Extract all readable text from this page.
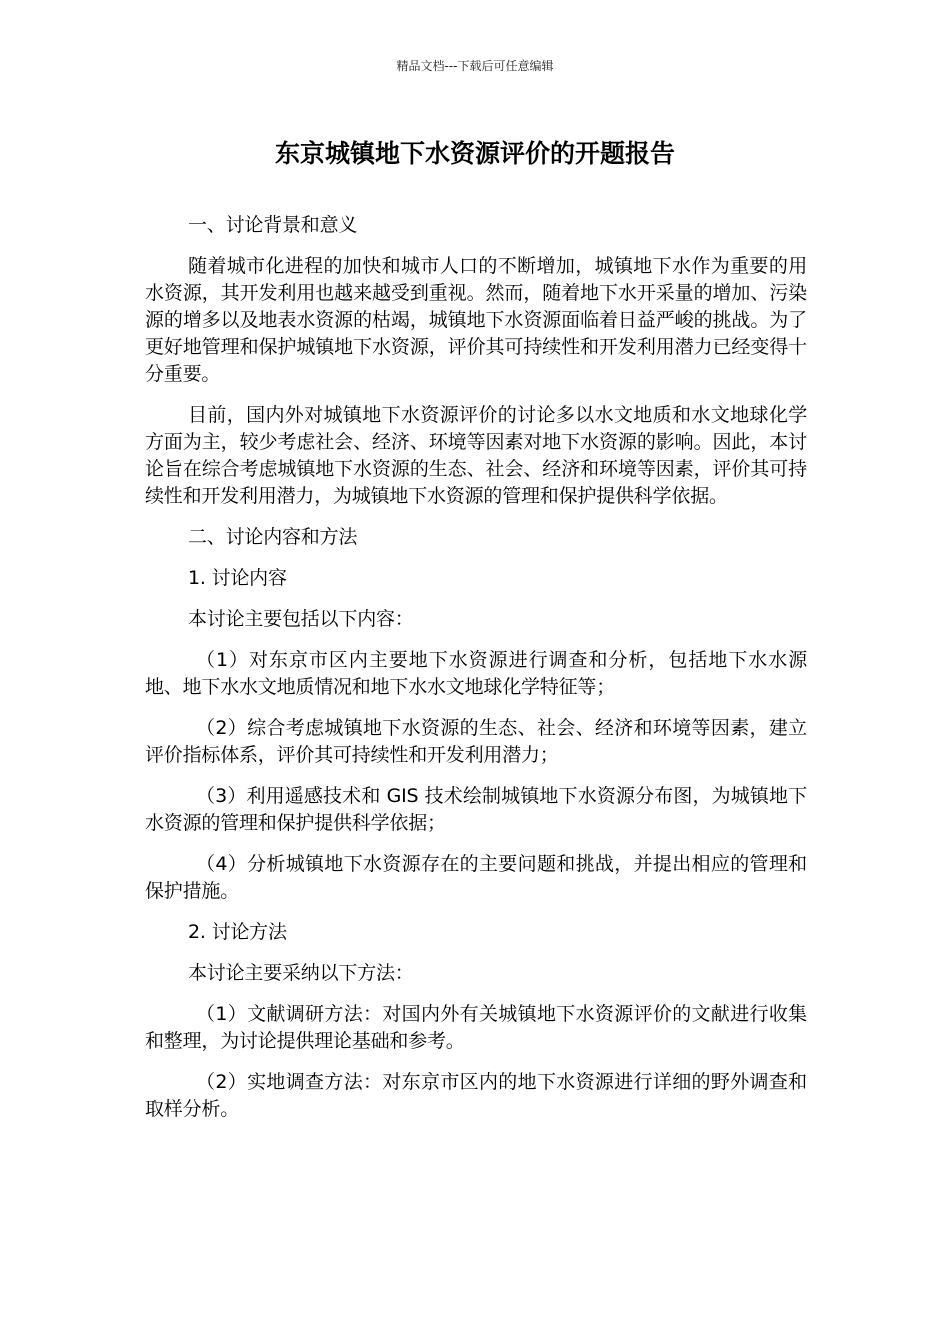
精品文档---下载后可任意编辑
东京城镇地下水资源评价的开题报告

一、讨论背景和意义

随着城市化进程的加快和城市人口的不断增加，城镇地下水作为重要的用水资源，其开发利用也越来越受到重视。然而，随着地下水开采量的增加、污染源的增多以及地表水资源的枯竭，城镇地下水资源面临着日益严峻的挑战。为了更好地管理和保护城镇地下水资源，评价其可持续性和开发利用潜力已经变得十分重要。

目前，国内外对城镇地下水资源评价的讨论多以水文地质和水文地球化学方面为主，较少考虑社会、经济、环境等因素对地下水资源的影响。因此，本讨论旨在综合考虑城镇地下水资源的生态、社会、经济和环境等因素，评价其可持续性和开发利用潜力，为城镇地下水资源的管理和保护提供科学依据。

二、讨论内容和方法

1. 讨论内容

本讨论主要包括以下内容：

（1）对东京市区内主要地下水资源进行调查和分析，包括地下水水源地、地下水水文地质情况和地下水水文地球化学特征等；

（2）综合考虑城镇地下水资源的生态、社会、经济和环境等因素，建立评价指标体系，评价其可持续性和开发利用潜力；

（3）利用遥感技术和 GIS 技术绘制城镇地下水资源分布图，为城镇地下水资源的管理和保护提供科学依据；

（4）分析城镇地下水资源存在的主要问题和挑战，并提出相应的管理和保护措施。

2. 讨论方法

本讨论主要采纳以下方法：

（1）文献调研方法：对国内外有关城镇地下水资源评价的文献进行收集和整理，为讨论提供理论基础和参考。

（2）实地调查方法：对东京市区内的地下水资源进行详细的野外调查和取样分析。
